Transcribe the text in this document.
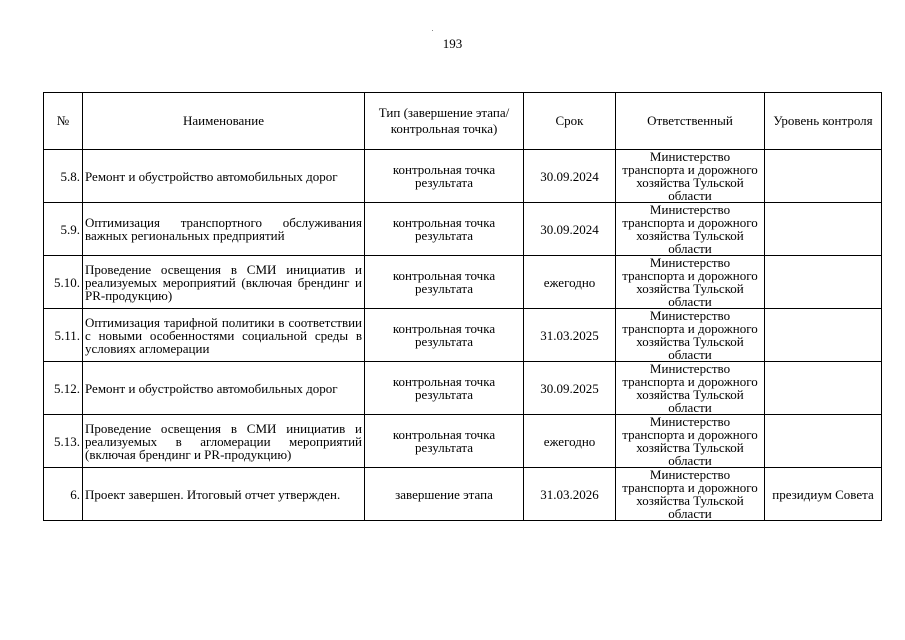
193
№	Наименование	Тип (завершение этапа/контрольная точка)	Срок	Ответственный	Уровень контроля
5.8.	Ремонт и обустройство автомобильных дорог	контрольная точка результата	30.09.2024	Министерство транспорта и дорожного хозяйства Тульской области	
5.9.	Оптимизация транспортного обслуживания важных региональных предприятий	контрольная точка результата	30.09.2024	Министерство транспорта и дорожного хозяйства Тульской области	
5.10.	Проведение освещения в СМИ инициатив и реализуемых мероприятий (включая брендинг и PR-продукцию)	контрольная точка результата	ежегодно	Министерство транспорта и дорожного хозяйства Тульской области	
5.11.	Оптимизация тарифной политики в соответствии с новыми особенностями социальной среды в условиях агломерации	контрольная точка результата	31.03.2025	Министерство транспорта и дорожного хозяйства Тульской области	
5.12.	Ремонт и обустройство автомобильных дорог	контрольная точка результата	30.09.2025	Министерство транспорта и дорожного хозяйства Тульской области	
5.13.	Проведение освещения в СМИ инициатив и реализуемых в агломерации мероприятий (включая брендинг и PR-продукцию)	контрольная точка результата	ежегодно	Министерство транспорта и дорожного хозяйства Тульской области	
6.	Проект завершен. Итоговый отчет утвержден.	завершение этапа	31.03.2026	Министерство транспорта и дорожного хозяйства Тульской области	президиум Совета
